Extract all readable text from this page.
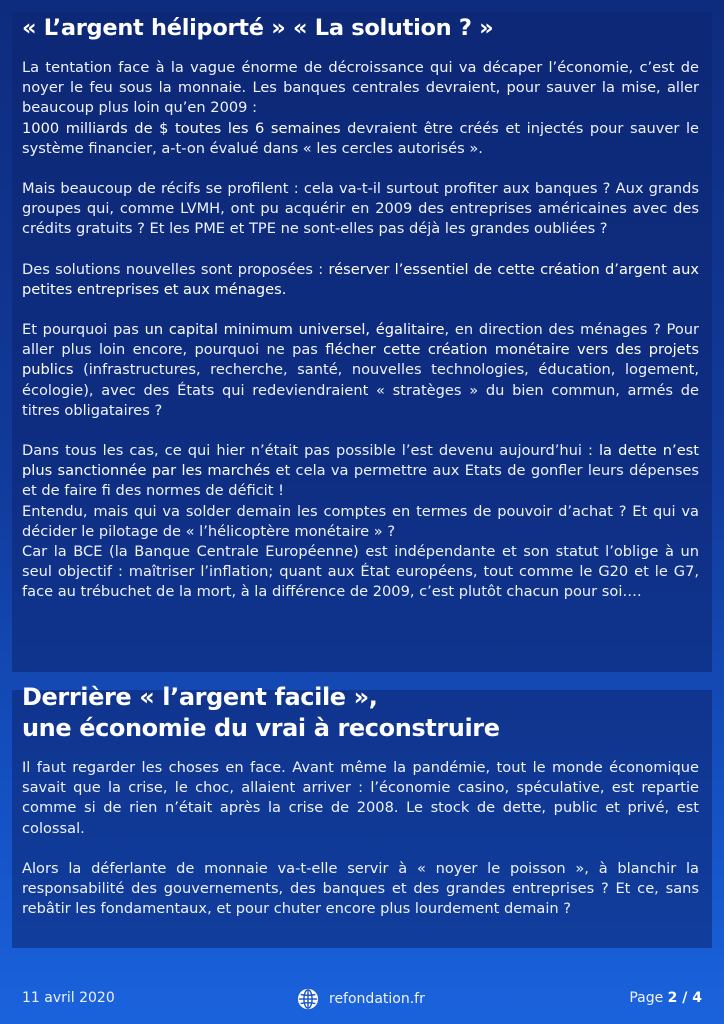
« L’argent héliporté » « La solution ? »

La tentation face à la vague énorme de décroissance qui va décaper l’économie, c’est de noyer le feu sous la monnaie. Les banques centrales devraient, pour sauver la mise, aller beaucoup plus loin qu’en 2009 :
1000 milliards de $ toutes les 6 semaines devraient être créés et injectés pour sauver le système financier, a-t-on évalué dans « les cercles autorisés ».

Mais beaucoup de récifs se profilent : cela va-t-il surtout profiter aux banques ? Aux grands groupes qui, comme LVMH, ont pu acquérir en 2009 des entreprises américaines avec des crédits gratuits ? Et les PME et TPE ne sont-elles pas déjà les grandes oubliées ?

Des solutions nouvelles sont proposées : réserver l’essentiel de cette création d’argent aux petites entreprises et aux ménages.

Et pourquoi pas un capital minimum universel, égalitaire, en direction des ménages ? Pour aller plus loin encore, pourquoi ne pas flécher cette création monétaire vers des projets publics (infrastructures, recherche, santé, nouvelles technologies, éducation, logement, écologie), avec des États qui redeviendraient « stratèges » du bien commun, armés de titres obligataires ?

Dans tous les cas, ce qui hier n’était pas possible l’est devenu aujourd’hui : la dette n’est plus sanctionnée par les marchés et cela va permettre aux Etats de gonfler leurs dépenses et de faire fi des normes de déficit !

Entendu, mais qui va solder demain les comptes en termes de pouvoir d’achat ? Et qui va décider le pilotage de « l’hélicoptère monétaire » ?

Car la BCE (la Banque Centrale Européenne) est indépendante et son statut l’oblige à un seul objectif : maîtriser l’inflation; quant aux État européens, tout comme le G20 et le G7, face au trébuchet de la mort, à la différence de 2009, c’est plutôt chacun pour soi….

Derrière « l’argent facile »,
une économie du vrai à reconstruire

Il faut regarder les choses en face. Avant même la pandémie, tout le monde économique savait que la crise, le choc, allaient arriver : l’économie casino, spéculative, est repartie comme si de rien n’était après la crise de 2008. Le stock de dette, public et privé, est colossal.

Alors la déferlante de monnaie va-t-elle servir à « noyer le poisson », à blanchir la responsabilité des gouvernements, des banques et des grandes entreprises ? Et ce, sans rebâtir les fondamentaux, et pour chuter encore plus lourdement demain ?

11 avril 2020	refondation.fr	Page 2 / 4
